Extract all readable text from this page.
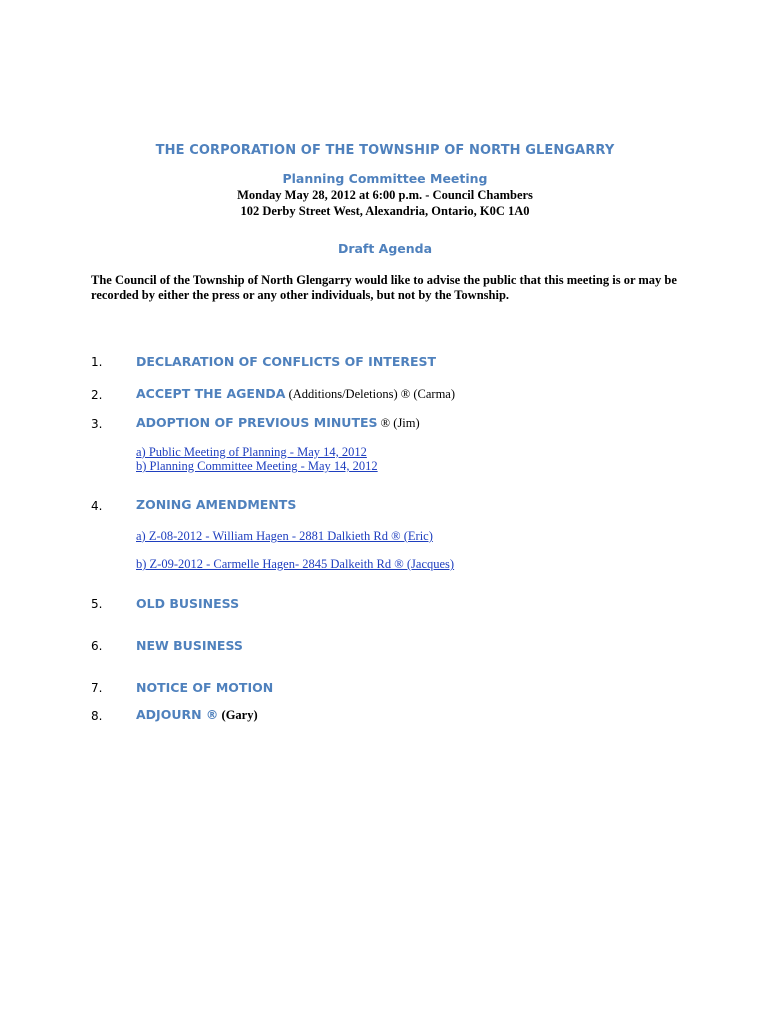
THE CORPORATION OF THE TOWNSHIP OF NORTH GLENGARRY
Planning Committee Meeting
Monday May 28, 2012 at 6:00 p.m. - Council Chambers
102 Derby Street West, Alexandria, Ontario, K0C 1A0
Draft Agenda
The Council of the Township of North Glengarry would like to advise the public that this meeting is or may be recorded by either the press or any other individuals, but not by the Township.
1.	DECLARATION OF CONFLICTS OF INTEREST
2.	ACCEPT THE AGENDA (Additions/Deletions) ® (Carma)
3.	ADOPTION OF PREVIOUS MINUTES ® (Jim)
a) Public Meeting of Planning - May 14, 2012
b) Planning Committee Meeting - May 14, 2012
4.	ZONING AMENDMENTS
a) Z-08-2012 - William Hagen - 2881 Dalkieth Rd ® (Eric)
b) Z-09-2012 - Carmelle Hagen- 2845 Dalkeith Rd ® (Jacques)
5.	OLD BUSINESS
6.	NEW BUSINESS
7.	NOTICE OF MOTION
8.	ADJOURN ® (Gary)
